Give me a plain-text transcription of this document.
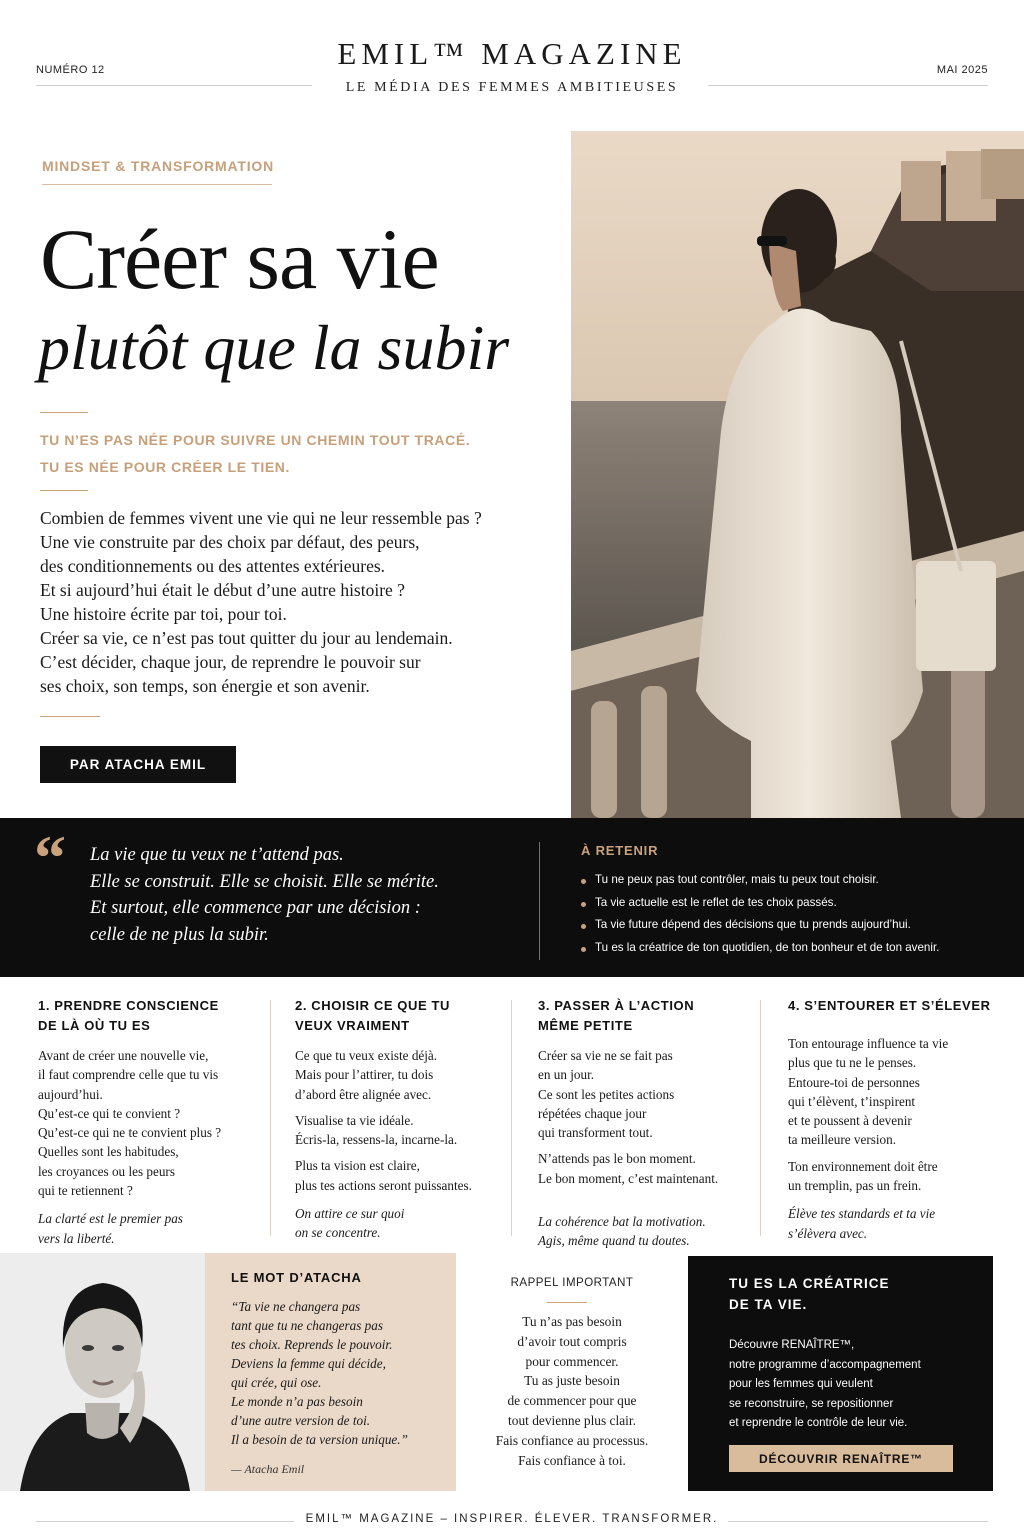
NUMÉRO 12	MAI 2025
EMIL™ MAGAZINE
LE MÉDIA DES FEMMES AMBITIEUSES
MINDSET & TRANSFORMATION
Créer sa vie
plutôt que la subir
TU N’ES PAS NÉE POUR SUIVRE UN CHEMIN TOUT TRACÉ.
TU ES NÉE POUR CRÉER LE TIEN.
Combien de femmes vivent une vie qui ne leur ressemble pas ?
Une vie construite par des choix par défaut, des peurs,
des conditionnements ou des attentes extérieures.
Et si aujourd’hui était le début d’une autre histoire ?
Une histoire écrite par toi, pour toi.
Créer sa vie, ce n’est pas tout quitter du jour au lendemain.
C’est décider, chaque jour, de reprendre le pouvoir sur
ses choix, son temps, son énergie et son avenir.
PAR ATACHA EMIL
“ La vie que tu veux ne t’attend pas.
Elle se construit. Elle se choisit. Elle se mérite.
Et surtout, elle commence par une décision :
celle de ne plus la subir.
À RETENIR
Tu ne peux pas tout contrôler, mais tu peux tout choisir.
Ta vie actuelle est le reflet de tes choix passés.
Ta vie future dépend des décisions que tu prends aujourd’hui.
Tu es la créatrice de ton quotidien, de ton bonheur et de ton avenir.
1. PRENDRE CONSCIENCE
DE LÀ OÙ TU ES

Avant de créer une nouvelle vie,
il faut comprendre celle que tu vis
aujourd’hui.
Qu’est-ce qui te convient ?
Qu’est-ce qui ne te convient plus ?
Quelles sont les habitudes,
les croyances ou les peurs
qui te retiennent ?

La clarté est le premier pas
vers la liberté.
2. CHOISIR CE QUE TU
VEUX VRAIMENT

Ce que tu veux existe déjà.
Mais pour l’attirer, tu dois
d’abord être alignée avec.

Visualise ta vie idéale.
Écris-la, ressens-la, incarne-la.

Plus ta vision est claire,
plus tes actions seront puissantes.

On attire ce sur quoi
on se concentre.
3. PASSER À L’ACTION
MÊME PETITE

Créer sa vie ne se fait pas
en un jour.
Ce sont les petites actions
répétées chaque jour
qui transforment tout.

N’attends pas le bon moment.
Le bon moment, c’est maintenant.

La cohérence bat la motivation.
Agis, même quand tu doutes.
4. S’ENTOURER ET S’ÉLEVER

Ton entourage influence ta vie
plus que tu ne le penses.
Entoure-toi de personnes
qui t’élèvent, t’inspirent
et te poussent à devenir
ta meilleure version.

Ton environnement doit être
un tremplin, pas un frein.

Élève tes standards et ta vie
s’élèvera avec.
LE MOT D’ATACHA
“Ta vie ne changera pas
tant que tu ne changeras pas
tes choix. Reprends le pouvoir.
Deviens la femme qui décide,
qui crée, qui ose.
Le monde n’a pas besoin
d’une autre version de toi.
Il a besoin de ta version unique.”
— Atacha Emil
RAPPEL IMPORTANT
Tu n’as pas besoin
d’avoir tout compris
pour commencer.
Tu as juste besoin
de commencer pour que
tout devienne plus clair.
Fais confiance au processus.
Fais confiance à toi.
TU ES LA CRÉATRICE
DE TA VIE.
Découvre RENAÎTRE™,
notre programme d’accompagnement
pour les femmes qui veulent
se reconstruire, se repositionner
et reprendre le contrôle de leur vie.
DÉCOUVRIR RENAÎTRE™
EMIL™ MAGAZINE – INSPIRER. ÉLEVER. TRANSFORMER.
